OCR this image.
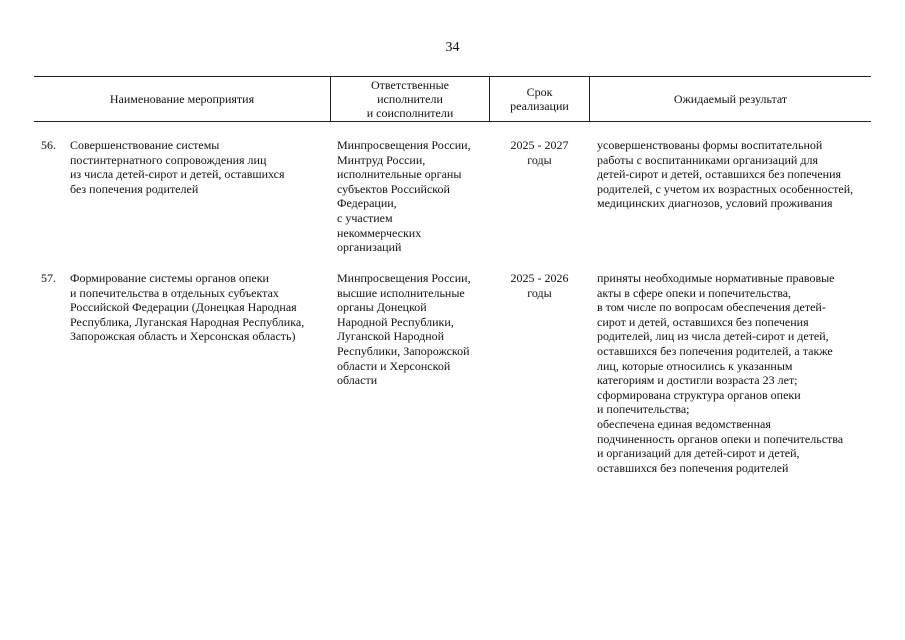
34
Наименование мероприятия
Ответственные
исполнители
и соисполнители
Срок
реализации	Ожидаемый результат
56. Совершенствование системы
постинтернатного сопровождения лиц
из числа детей-сирот и детей, оставшихся
без попечения родителей
Минпросвещения России,
Минтруд России,
исполнительные органы
субъектов Российской
Федерации,
с участием
некоммерческих
организаций
2025 - 2027
годы
усовершенствованы формы воспитательной
работы с воспитанниками организаций для
детей-сирот и детей, оставшихся без попечения
родителей, с учетом их возрастных особенностей,
медицинских диагнозов, условий проживания
57. Формирование системы органов опеки
и попечительства в отдельных субъектах
Российской Федерации (Донецкая Народная
Республика, Луганская Народная Республика,
Запорожская область и Херсонская область)
Минпросвещения России,
высшие исполнительные
органы Донецкой
Народной Республики,
Луганской Народной
Республики, Запорожской
области и Херсонской
области
2025 - 2026
годы
приняты необходимые нормативные правовые
акты в сфере опеки и попечительства,
в том числе по вопросам обеспечения детей-
сирот и детей, оставшихся без попечения
родителей, лиц из числа детей-сирот и детей,
оставшихся без попечения родителей, а также
лиц, которые относились к указанным
категориям и достигли возраста 23 лет;
сформирована структура органов опеки
и попечительства;
обеспечена единая ведомственная
подчиненность органов опеки и попечительства
и организаций для детей-сирот и детей,
оставшихся без попечения родителей
